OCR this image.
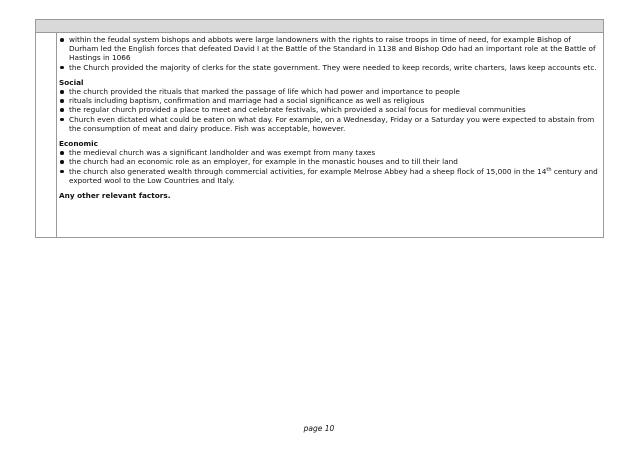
within the feudal system bishops and abbots were large landowners with the rights to raise troops in time of need, for example Bishop of Durham led the English forces that defeated David I at the Battle of the Standard in 1138 and Bishop Odo had an important role at the Battle of Hastings in 1066
the Church provided the majority of clerks for the state government. They were needed to keep records, write charters, laws keep accounts etc.
Social
the church provided the rituals that marked the passage of life which had power and importance to people
rituals including baptism, confirmation and marriage had a social significance as well as religious
the regular church provided a place to meet and celebrate festivals, which provided a social focus for medieval communities
Church even dictated what could be eaten on what day. For example, on a Wednesday, Friday or a Saturday you were expected to abstain from the consumption of meat and dairy produce. Fish was acceptable, however.
Economic
the medieval church was a significant landholder and was exempt from many taxes
the church had an economic role as an employer, for example in the monastic houses and to till their land
the church also generated wealth through commercial activities, for example Melrose Abbey had a sheep flock of 15,000 in the 14th century and exported wool to the Low Countries and Italy.
Any other relevant factors.
page 10
